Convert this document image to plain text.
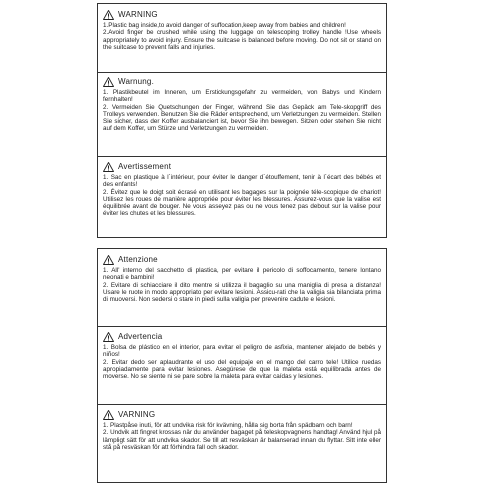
WARNING

1.Plastic bag inside,to avoid danger of suffocation,keep away from babies and children!

2.Avoid finger be crushed while using the luggage on telescoping trolley handle !Use wheels appropriately to avoid injury. Ensure the suitcase is balanced before moving. Do not sit or stand on the suitcase to prevent falls and injuries.

Warnung.

1. Plastikbeutel im Inneren, um Erstickungsgefahr zu vermeiden, von Babys und Kindern fernhalten!

2. Vermeiden Sie Quetschungen der Finger, während Sie das Gepäck am Tele-skopgriff des Trolleys verwenden. Benutzen Sie die Räder entsprechend, um Verletzungen zu vermeiden. Stellen Sie sicher, dass der Koffer ausbalanciert ist, bevor Sie ihn bewegen. Sitzen oder stehen Sie nicht auf dem Koffer, um Stürze und Verletzungen zu vermeiden.

Avertissement

1. Sac en plastique à l´intérieur, pour éviter le danger d´étouffement, tenir à l´écart des bébés et des enfants!

2. Évitez que le doigt soit écrasé en utilisant les bagages sur la poignée téle-scopique de chariot! Utilisez les roues de manière appropriée pour éviter les blessures. Assurez-vous que la valise est équilibrée avant de bouger. Ne vous asseyez pas ou ne vous tenez pas debout sur la valise pour éviter les chutes et les blessures.

Attenzione

1. All' interno del sacchetto di plastica, per evitare il pericolo di soffocamento, tenere lontano neonati e bambini!

2. Evitare di schiacciare il dito mentre si utilizza il bagaglio su una maniglia di presa a distanza! Usare le ruote in modo appropriato per evitare lesioni. Assicu-rati che la valigia sia bilanciata prima di muoversi. Non sedersi o stare in piedi sulla valigia per prevenire cadute e lesioni.

Advertencia

1. Bolsa de plástico en el interior, para evitar el peligro de asfixia, mantener alejado de bebés y niños!

2. Evitar dedo ser aplaudrante el uso del equipaje en el mango del carro tele! Utilice ruedas apropiadamente para evitar lesiones. Asegúrese de que la maleta está equilibrada antes de moverse. No se siente ni se pare sobre la maleta para evitar caídas y lesiones.

VARNING

1. Plastpåse inuti, för att undvika risk för kvävning, hålla sig borta från spädbarn och barn!

2. Undvik att fingret krossas när du använder bagaget på teleskopvagnens handtag! Använd hjul på lämpligt sätt för att undvika skador. Se till att resväskan är balanserad innan du flyttar. Sitt inte eller stå på resväskan för att förhindra fall och skador.
